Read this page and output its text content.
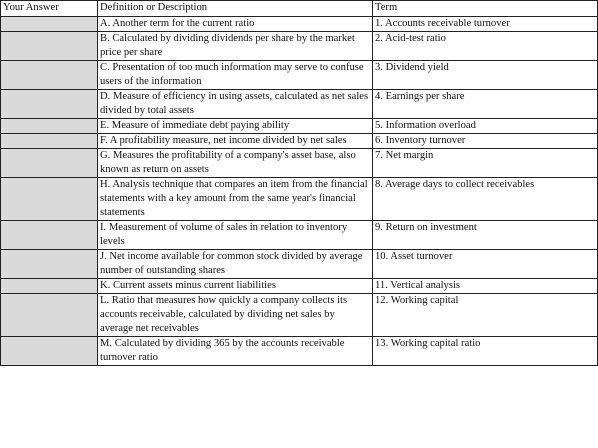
Your Answer	Definition or Description	Term
	A. Another term for the current ratio	1. Accounts receivable turnover
	B. Calculated by dividing dividends per share by the market price per share	2. Acid-test ratio
	C. Presentation of too much information may serve to confuse users of the information	3. Dividend yield
	D. Measure of efficiency in using assets, calculated as net sales divided by total assets	4. Earnings per share
	E. Measure of immediate debt paying ability	5. Information overload
	F. A profitability measure, net income divided by net sales	6. Inventory turnover
	G. Measures the profitability of a company's asset base, also known as return on assets	7. Net margin
	H. Analysis technique that compares an item from the financial statements with a key amount from the same year's financial statements	8. Average days to collect receivables
	I. Measurement of volume of sales in relation to inventory levels	9. Return on investment
	J. Net income available for common stock divided by average number of outstanding shares	10. Asset turnover
	K. Current assets minus current liabilities	11. Vertical analysis
	L. Ratio that measures how quickly a company collects its accounts receivable, calculated by dividing net sales by average net receivables	12. Working capital
	M. Calculated by dividing 365 by the accounts receivable turnover ratio	13. Working capital ratio
